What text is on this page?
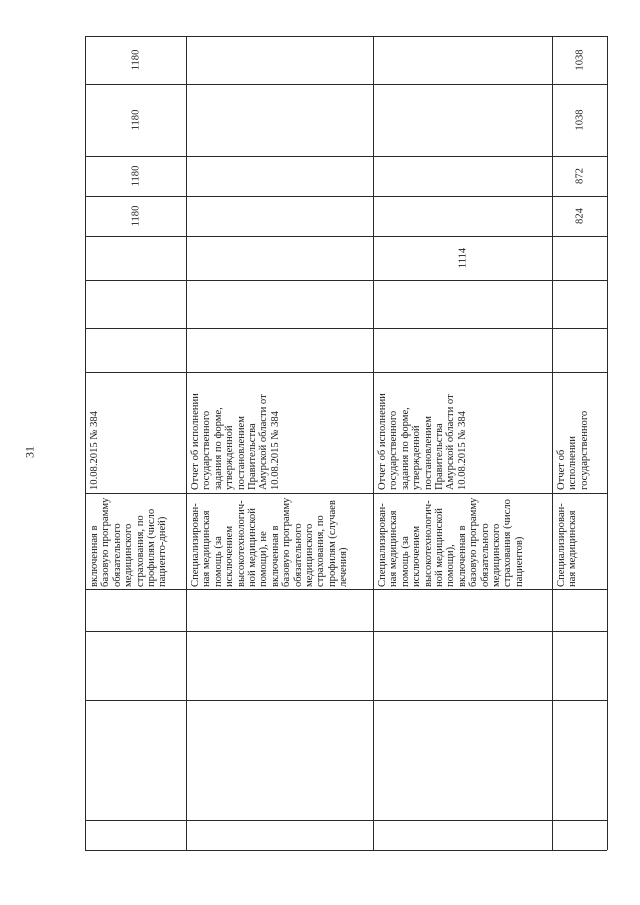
31
включенная в
базовую программу
обязательного
медицинского
страхования, по
профилям (число
пациенто-дней)
10.08.2015 № 384
1180
1180
1180
1180
Специализирован-
ная медицинская
помощь (за
исключением
высокотехнологич-
ной медицинской
помощи), не
включенная в
базовую программу
обязательного
медицинского
страхования, по
профилям (случаев
лечения)
Отчет об исполнении
государственного
задания по форме,
утвержденной
постановлением
Правительства
Амурской области от
10.08.2015 № 384
Специализирован-
ная медицинская
помощь (за
исключением
высокотехнологич-
ной медицинской
помощи),
включенная в
базовую программу
обязательного
медицинского
страхования (число
пациентов)
Отчет об исполнении
государственного
задания по форме,
утвержденной
постановлением
Правительства
Амурской области от
10.08.2015 № 384
1114
Специализирован-
ная медицинская
Отчет об исполнении
государственного
1038
1038
872
824
